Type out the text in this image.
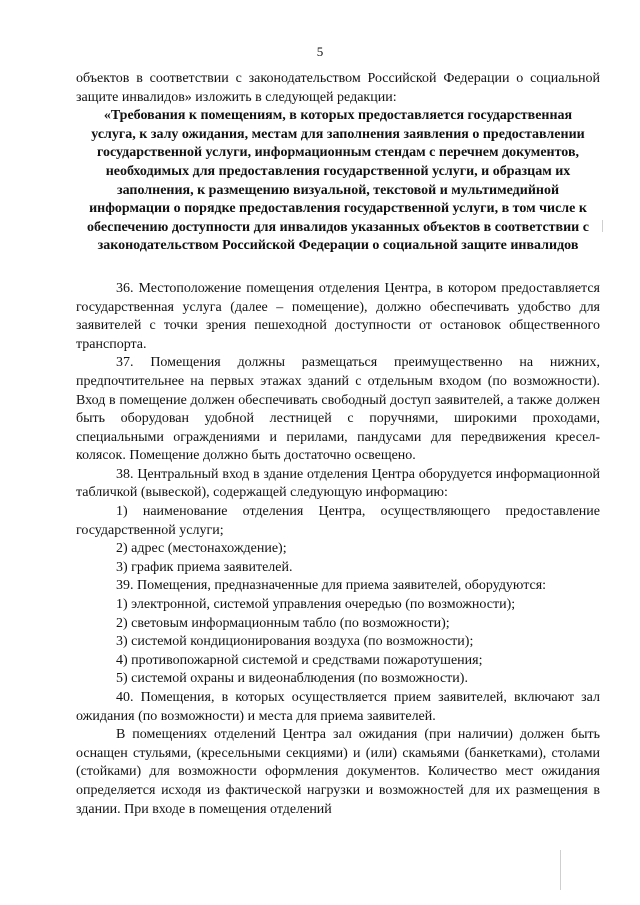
5

объектов в соответствии с законодательством Российской Федерации о социальной защите инвалидов» изложить в следующей редакции:

«Требования к помещениям, в которых предоставляется государственная услуга, к залу ожидания, местам для заполнения заявления о предоставлении государственной услуги, информационным стендам с перечнем документов, необходимых для предоставления государственной услуги, и образцам их заполнения, к размещению визуальной, текстовой и мультимедийной информации о порядке предоставления государственной услуги, в том числе к обеспечению доступности для инвалидов указанных объектов в соответствии с законодательством Российской Федерации о социальной защите инвалидов

36. Местоположение помещения отделения Центра, в котором предоставляется государственная услуга (далее – помещение), должно обеспечивать удобство для заявителей с точки зрения пешеходной доступности от остановок общественного транспорта.

37. Помещения должны размещаться преимущественно на нижних, предпочтительнее на первых этажах зданий с отдельным входом (по возможности). Вход в помещение должен обеспечивать свободный доступ заявителей, а также должен быть оборудован удобной лестницей с поручнями, широкими проходами, специальными ограждениями и перилами, пандусами для передвижения кресел-колясок. Помещение должно быть достаточно освещено.

38. Центральный вход в здание отделения Центра оборудуется информационной табличкой (вывеской), содержащей следующую информацию:

1) наименование отделения Центра, осуществляющего предоставление государственной услуги;

2) адрес (местонахождение);

3) график приема заявителей.

39. Помещения, предназначенные для приема заявителей, оборудуются:

1) электронной, системой управления очередью (по возможности);

2) световым информационным табло (по возможности);

3) системой кондиционирования воздуха (по возможности);

4) противопожарной системой и средствами пожаротушения;

5) системой охраны и видеонаблюдения (по возможности).

40. Помещения, в которых осуществляется прием заявителей, включают зал ожидания (по возможности) и места для приема заявителей.

В помещениях отделений Центра зал ожидания (при наличии) должен быть оснащен стульями, (кресельными секциями) и (или) скамьями (банкетками), столами (стойками) для возможности оформления документов. Количество мест ожидания определяется исходя из фактической нагрузки и возможностей для их размещения в здании. При входе в помещения отделений
